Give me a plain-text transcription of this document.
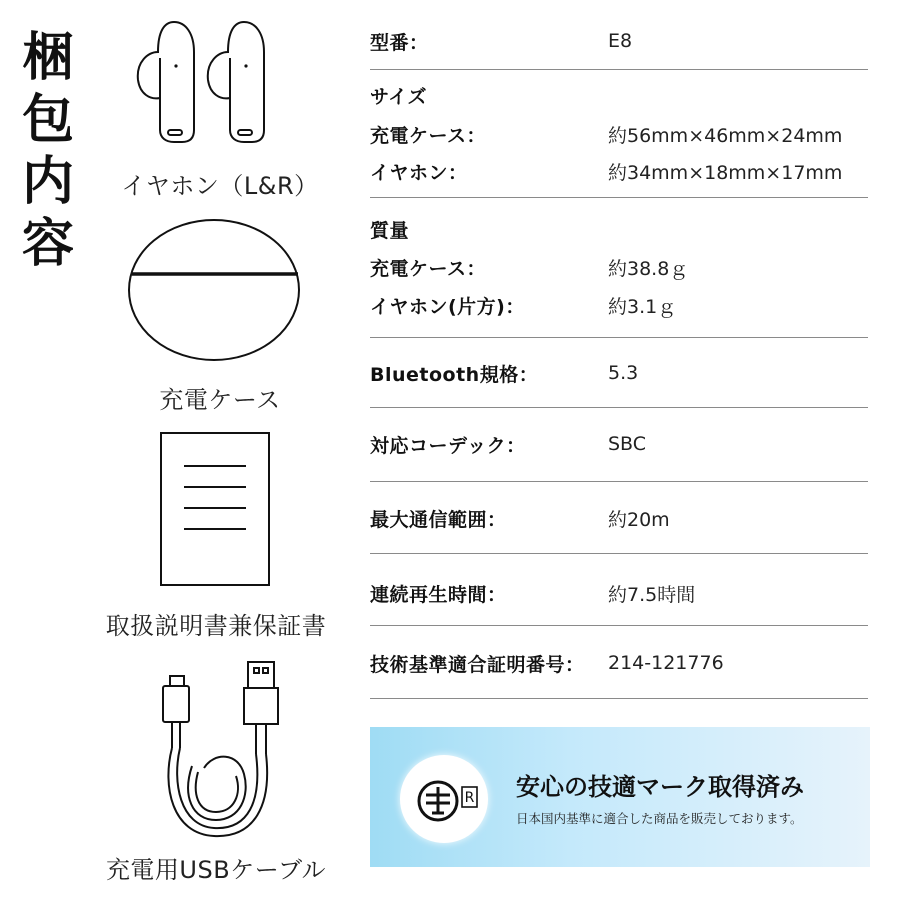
梱
包
内
容
イヤホン（L&R）
充電ケース
取扱説明書兼保証書
充電用USBケーブル
型番：	E8
サイズ
充電ケース：	約56mm×46mm×24mm
イヤホン：	約34mm×18mm×17mm
質量
充電ケース：	約38.8ｇ
イヤホン(片方)：	約3.1ｇ
Bluetooth規格：	5.3
対応コーデック：	SBC
最大通信範囲：	約20m
連続再生時間：	約7.5時間
技術基準適合証明番号：	214-121776
R 安心の技適マーク取得済み
日本国内基準に適合した商品を販売しております。
